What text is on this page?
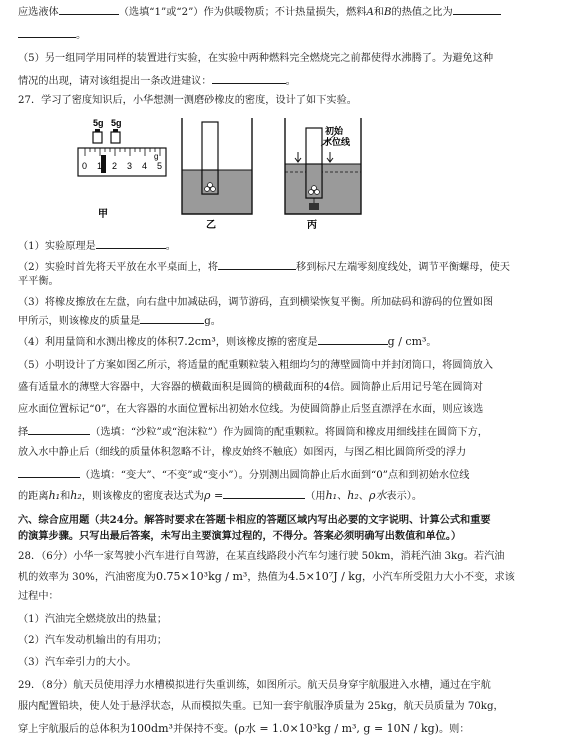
应选液体	（选填“1”或“2”）作为供暖物质；不计热量损失，燃料A和B的热值之比为
。
（5）另一组同学用同样的装置进行实验，在实验中两种燃料完全燃烧完之前都使得水沸腾了。为避免这种
情况的出现，请对该组提出一条改进建议：	。
27．学习了密度知识后，小华想测一测磨砂橡皮的密度，设计了如下实验。
5g 5g
0 1 2 3 4 5
g
甲
乙
初始
水位线
丙
（1）实验原理是	。
（2）实验时首先将天平放在水平桌面上，将	移到标尺左端零刻度线处，调节平衡螺母，使天
平平衡。
（3）将橡皮擦放在左盘，向右盘中加减砝码，调节游码，直到横梁恢复平衡。所加砝码和游码的位置如图
甲所示，则该橡皮的质量是	g。
（4）利用量筒和水测出橡皮的体积7.2cm³，则该橡皮擦的密度是	g / cm³。
（5）小明设计了方案如图乙所示，将适量的配重颗粒装入粗细均匀的薄壁圆筒中并封闭筒口，将圆筒放入
盛有适量水的薄壁大容器中，大容器的横截面积是圆筒的横截面积的4倍。圆筒静止后用记号笔在圆筒对
应水面位置标记“0”，在大容器的水面位置标出初始水位线。为使圆筒静止后竖直漂浮在水面，则应该选
择	（选填：“沙粒”或“泡沫粒”）作为圆筒的配重颗粒。将圆筒和橡皮用细线挂在圆筒下方，
放入水中静止后（细线的质量体积忽略不计，橡皮始终不触底）如图丙，与图乙相比圆筒所受的浮力
（选填：“变大”、“不变”或“变小”）。分别测出圆筒静止后水面到“0”点和到初始水位线
的距离h₁和h₂，则该橡皮的密度表达式为ρ =	（用h₁、h₂、ρ水表示）。
六、综合应用题（共24分。解答时要求在答题卡相应的答题区域内写出必要的文字说明、计算公式和重要
的演算步骤。只写出最后答案，未写出主要演算过程的，不得分。答案必须明确写出数值和单位。）
28．（6分）小华一家驾驶小汽车进行自驾游，在某直线路段小汽车匀速行驶 50km，消耗汽油 3kg。若汽油
机的效率为 30%，汽油密度为0.75×10³kg / m³，热值为4.5×10⁷J / kg，小汽车所受阻力大小不变，求该
过程中：
（1）汽油完全燃烧放出的热量；
（2）汽车发动机输出的有用功；
（3）汽车牵引力的大小。
29．（8分）航天员使用浮力水槽模拟进行失重训练，如图所示。航天员身穿宇航服进入水槽，通过在宇航
服内配置铅块，使人处于悬浮状态，从而模拟失重。已知一套宇航服净质量为 25kg，航天员质量为 70kg，
穿上宇航服后的总体积为100dm³并保持不变。(ρ水 = 1.0×10³kg / m³, g = 10N / kg)。则：
